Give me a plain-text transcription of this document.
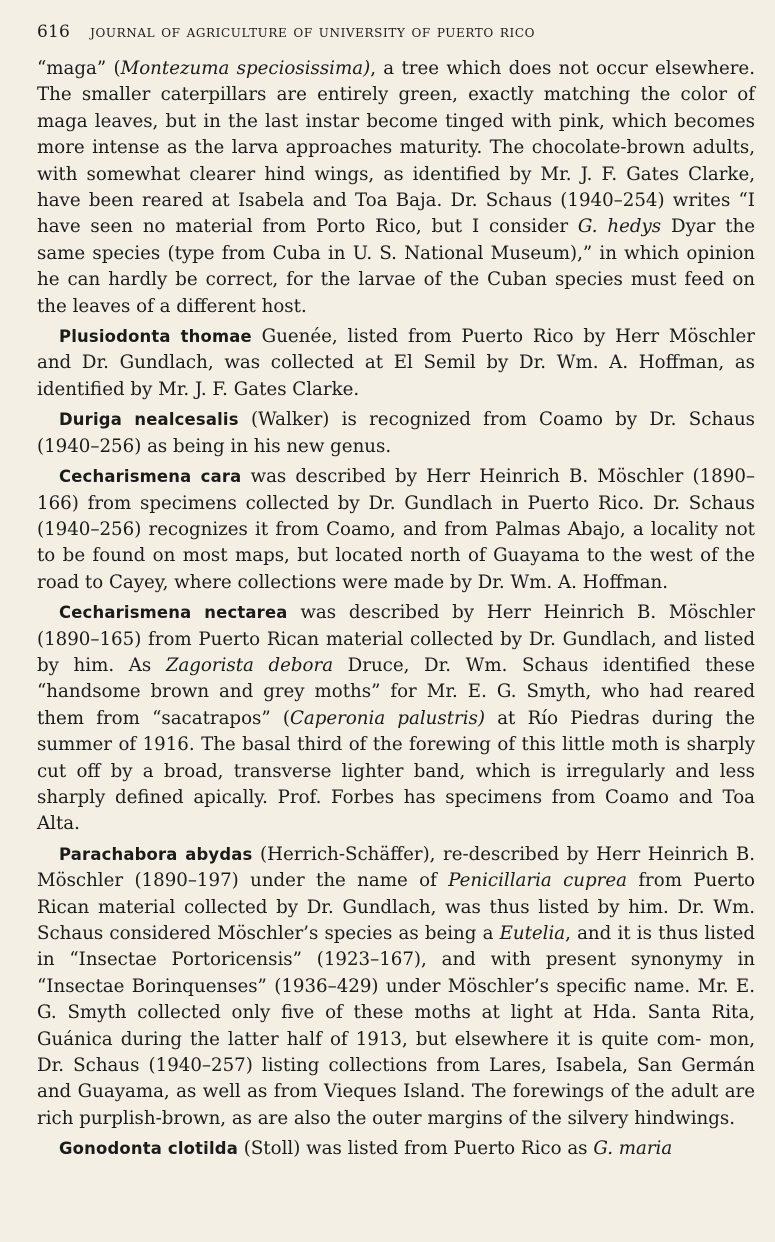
616 journal of agriculture of university of puerto rico

“maga” (Montezuma speciosissima), a tree which does not occur elsewhere. The smaller caterpillars are entirely green, exactly matching the color of maga leaves, but in the last instar become tinged with pink, which becomes more intense as the larva approaches maturity. The chocolate-brown adults, with somewhat clearer hind wings, as identified by Mr. J. F. Gates Clarke, have been reared at Isabela and Toa Baja. Dr. Schaus (1940–254) writes “I have seen no material from Porto Rico, but I consider G. hedys Dyar the same species (type from Cuba in U. S. National Museum),” in which opinion he can hardly be correct, for the larvae of the Cuban species must feed on the leaves of a different host.

Plusiodonta thomae Guenée, listed from Puerto Rico by Herr Möschler and Dr. Gundlach, was collected at El Semil by Dr. Wm. A. Hoffman, as identified by Mr. J. F. Gates Clarke.

Duriga nealcesalis (Walker) is recognized from Coamo by Dr. Schaus (1940–256) as being in his new genus.

Cecharismena cara was described by Herr Heinrich B. Möschler (1890–166) from specimens collected by Dr. Gundlach in Puerto Rico. Dr. Schaus (1940–256) recognizes it from Coamo, and from Palmas Abajo, a locality not to be found on most maps, but located north of Guayama to the west of the road to Cayey, where collections were made by Dr. Wm. A. Hoffman.

Cecharismena nectarea was described by Herr Heinrich B. Möschler (1890–165) from Puerto Rican material collected by Dr. Gundlach, and listed by him. As Zagorista debora Druce, Dr. Wm. Schaus identified these “handsome brown and grey moths” for Mr. E. G. Smyth, who had reared them from “sacatrapos” (Caperonia palustris) at Río Piedras during the summer of 1916. The basal third of the forewing of this little moth is sharply cut off by a broad, transverse lighter band, which is irregularly and less sharply defined apically. Prof. Forbes has specimens from Coamo and Toa Alta.

Parachabora abydas (Herrich-Schäffer), re-described by Herr Heinrich B. Möschler (1890–197) under the name of Penicillaria cuprea from Puerto Rican material collected by Dr. Gundlach, was thus listed by him. Dr. Wm. Schaus considered Möschler’s species as being a Eutelia, and it is thus listed in “Insectae Portoricensis” (1923–167), and with present synonymy in “Insectae Borinquenses” (1936–429) under Möschler’s specific name. Mr. E. G. Smyth collected only five of these moths at light at Hda. Santa Rita, Guánica during the latter half of 1913, but elsewhere it is quite com- mon, Dr. Schaus (1940–257) listing collections from Lares, Isabela, San Germán and Guayama, as well as from Vieques Island. The forewings of the adult are rich purplish-brown, as are also the outer margins of the silvery hindwings.

Gonodonta clotilda (Stoll) was listed from Puerto Rico as G. maria
